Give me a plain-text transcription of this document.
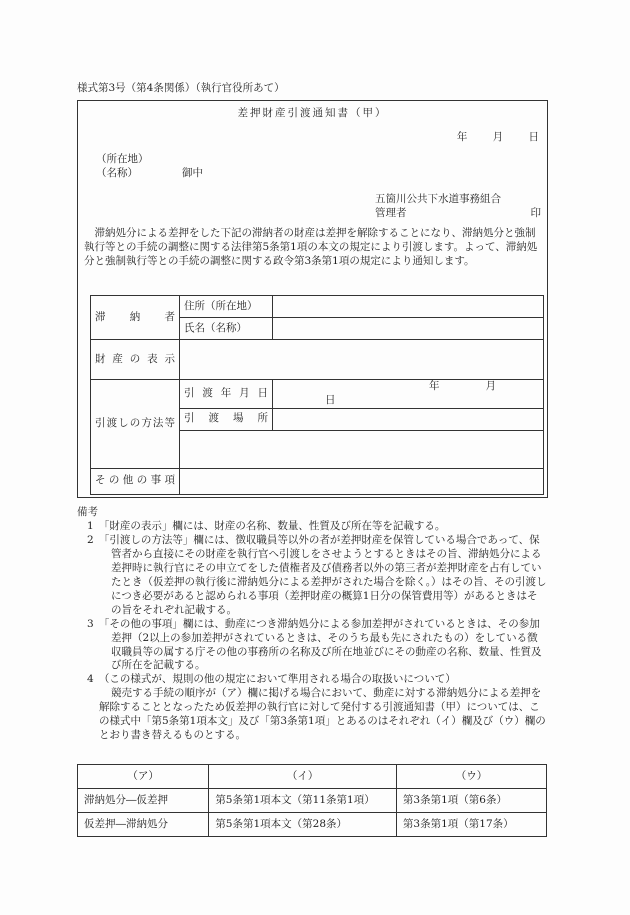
様式第3号（第4条関係）（執行官役所あて）
差押財産引渡通知書（甲）
年 月 日
（所在地）
（名称）	御中
五箇川公共下水道事務組合
管理者	印
滞納処分による差押をした下記の滞納者の財産は差押を解除することになり、滞納処分と強制執行等との手続の調整に関する法律第5条第1項の本文の規定により引渡します。よって、滞納処分と強制執行等との手続の調整に関する政令第3条第1項の規定により通知します。
滞　納　者	住所（所在地）	
	氏名（名称）	
財産の表示		
引渡しの方法等	引渡年月日	年 月日
	引渡場所	

その他の事項		
備考
1　「財産の表示」欄には、財産の名称、数量、性質及び所在等を記載する。
2　「引渡しの方法等」欄には、徴収職員等以外の者が差押財産を保管している場合であって、保管者から直接にその財産を執行官へ引渡しをさせようとするときはその旨、滞納処分による差押時に執行官にその申立てをした債権者及び債務者以外の第三者が差押財産を占有していたとき（仮差押の執行後に滞納処分による差押がされた場合を除く。）はその旨、その引渡しにつき必要があると認められる事項（差押財産の概算1日分の保管費用等）があるときはその旨をそれぞれ記載する。
3　「その他の事項」欄には、動産につき滞納処分による参加差押がされているときは、その参加差押（2以上の参加差押がされているときは、そのうち最も先にされたもの）をしている徴収職員等の属する庁その他の事務所の名称及び所在地並びにその動産の名称、数量、性質及び所在を記載する。
4　（この様式が、規則の他の規定において準用される場合の取扱いについて）
競売する手続の順序が（ア）欄に掲げる場合において、動産に対する滞納処分による差押を解除することとなったため仮差押の執行官に対して発付する引渡通知書（甲）については、この様式中「第5条第1項本文」及び「第3条第1項」とあるのはそれぞれ（イ）欄及び（ウ）欄のとおり書き替えるものとする。
（ア）	（イ）	（ウ）
滞納処分―仮差押	第5条第1項本文（第11条第1項）	第3条第1項（第6条）
仮差押―滞納処分	第5条第1項本文（第28条）	第3条第1項（第17条）
